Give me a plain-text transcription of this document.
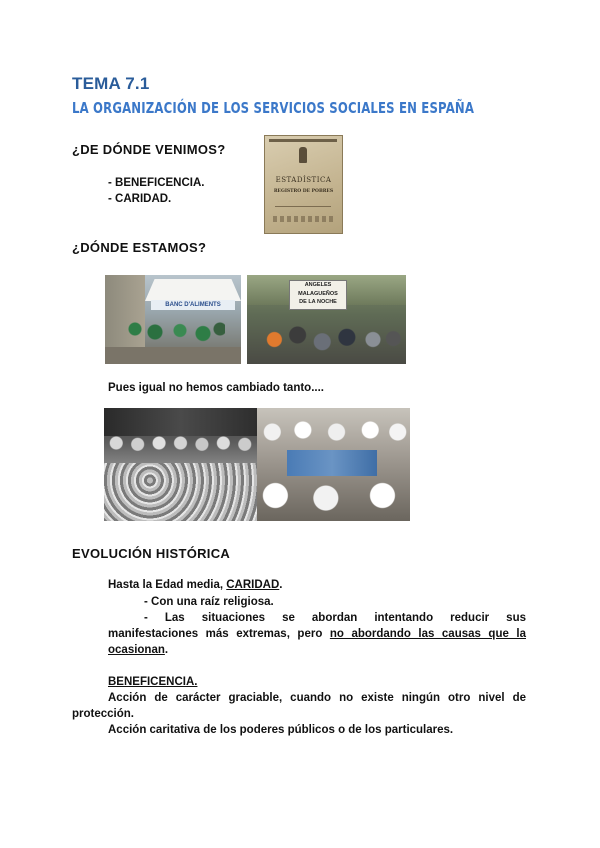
TEMA 7.1
LA ORGANIZACIÓN DE LOS SERVICIOS SOCIALES EN ESPAÑA
¿DE DÓNDE VENIMOS?
- BENEFICENCIA.
- CARIDAD.
ESTADÍSTICA
REGISTRO DE POBRES
¿DÓNDE ESTAMOS?
BANC D'ALIMENTS
ANGELES
MALAGUEÑOS
DE LA NOCHE
Pues igual no hemos cambiado tanto....
EVOLUCIÓN HISTÓRICA
Hasta la Edad media, CARIDAD.
- Con una raíz religiosa.
- Las situaciones se abordan intentando reducir sus
manifestaciones más extremas, pero no abordando las causas que la
ocasionan.
BENEFICENCIA.
Acción de carácter graciable, cuando no existe ningún otro nivel de
protección.
Acción caritativa de los poderes públicos o de los particulares.
